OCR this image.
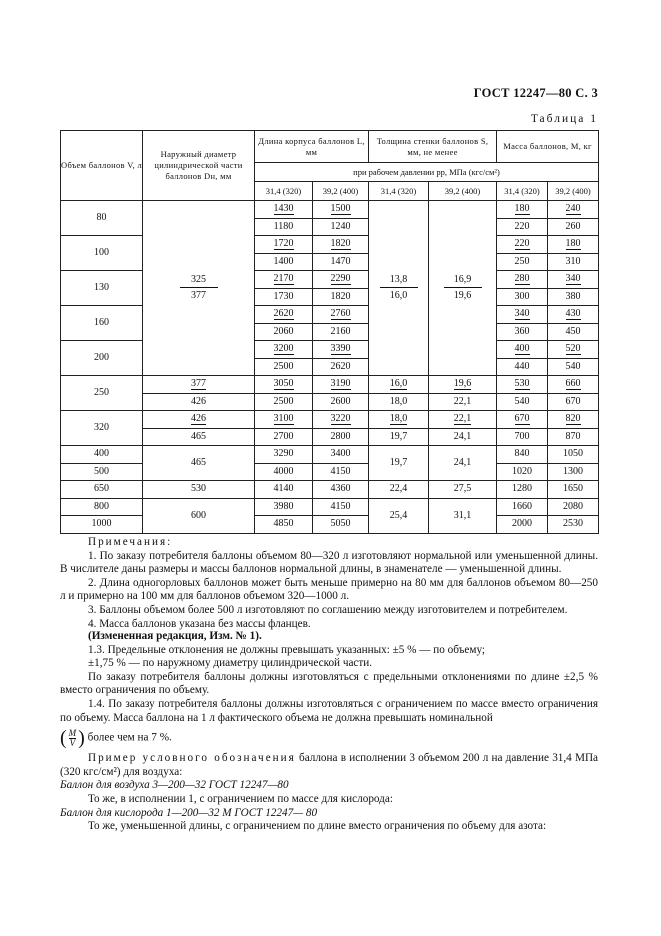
ГОСТ 12247—80 С. 3
Таблица 1
Объем баллонов V, л	Наружный диаметр цилиндрической части баллонов Dн, мм	Длина корпуса баллонов L, мм		Толщина стенки баллонов S, мм, не менее		Масса баллонов, M, кг	
		при рабочем давлении pр, МПа (кгс/см²)					
		31,4 (320)	39,2 (400)	31,4 (320)	39,2 (400)	31,4 (320)	39,2 (400)
80	$\frac{325}{377}$	1430	1500	$\frac{13,8}{16,0}$	$\frac{16,9}{19,6}$	180	240
		1180	1240			220	260
100		1720	1820			220	180
		1400	1470			250	310
130		2170	2290			280	340
		1730	1820			300	380
160		2620	2760			340	430
		2060	2160			360	450
200		3200	3390			400	520
		2500	2620			440	540
250	377	3050	3190	16,0	19,6	530	660
	426	2500	2600	18,0	22,1	540	670
320	426	3100	3220	18,0	22,1	670	820
	465	2700	2800	19,7	24,1	700	870
400	465	3290	3400	19,7	24,1	840	1050
500		4000	4150			1020	1300
650	530	4140	4360	22,4	27,5	1280	1650
800	600	3980	4150	25,4	31,1	1660	2080
1000		4850	5050			2000	2530

Примечания:

1. По заказу потребителя баллоны объемом 80—320 л изготовляют нормальной или уменьшенной длины. В числителе даны размеры и массы баллонов нормальной длины, в знаменателе — уменьшенной длины.

2. Длина одногорловых баллонов может быть меньше примерно на 80 мм для баллонов объемом 80—250 л и примерно на 100 мм для баллонов объемом 320—1000 л.

3. Баллоны объемом более 500 л изготовляют по соглашению между изготовителем и потребителем.

4. Масса баллонов указана без массы фланцев.

(Измененная редакция, Изм. № 1).

1.3. Предельные отклонения не должны превышать указанных: ±5 % — по объему;

±1,75 % — по наружному диаметру цилиндрической части.

По заказу потребителя баллоны должны изготовляться с предельными отклонениями по длине ±2,5 % вместо ограничения по объему.

1.4. По заказу потребителя баллоны должны изготовляться с ограничением по массе вместо ограничения по объему. Масса баллона на 1 л фактического объема не должна превышать номинальной

( $\frac{M}{V}$ ) более чем на 7 %.

Пример условного обозначения баллона в исполнении 3 объемом 200 л на давление 31,4 МПа (320 кгс/см²) для воздуха:

Баллон для воздуха 3—200—32 ГОСТ 12247—80

То же, в исполнении 1, с ограничением по массе для кислорода:

Баллон для кислорода 1—200—32 М ГОСТ 12247— 80

То же, уменьшенной длины, с ограничением по длине вместо ограничения по объему для азота:
